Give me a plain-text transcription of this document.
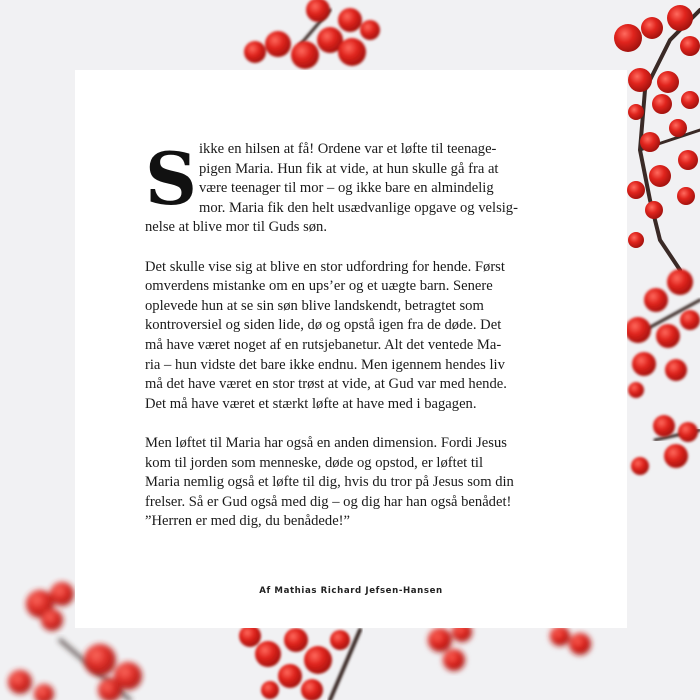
S ikke en hilsen at få! Ordene var et løfte til teenage-
pigen Maria. Hun fik at vide, at hun skulle gå fra at
være teenager til mor – og ikke bare en almindelig
mor. Maria fik den helt usædvanlige opgave og velsig-
nelse at blive mor til Guds søn.

Det skulle vise sig at blive en stor udfordring for hende. Først
omverdens mistanke om en ups’er og et uægte barn. Senere
oplevede hun at se sin søn blive landskendt, betragtet som
kontroversiel og siden lide, dø og opstå igen fra de døde. Det
må have været noget af en rutsjebanetur. Alt det ventede Ma-
ria – hun vidste det bare ikke endnu. Men igennem hendes liv
må det have været en stor trøst at vide, at Gud var med hende.
Det må have været et stærkt løfte at have med i bagagen.

Men løftet til Maria har også en anden dimension. Fordi Jesus
kom til jorden som menneske, døde og opstod, er løftet til
Maria nemlig også et løfte til dig, hvis du tror på Jesus som din
frelser. Så er Gud også med dig – og dig har han også benådet!
”Herren er med dig, du benådede!”

Af Mathias Richard Jefsen-Hansen
